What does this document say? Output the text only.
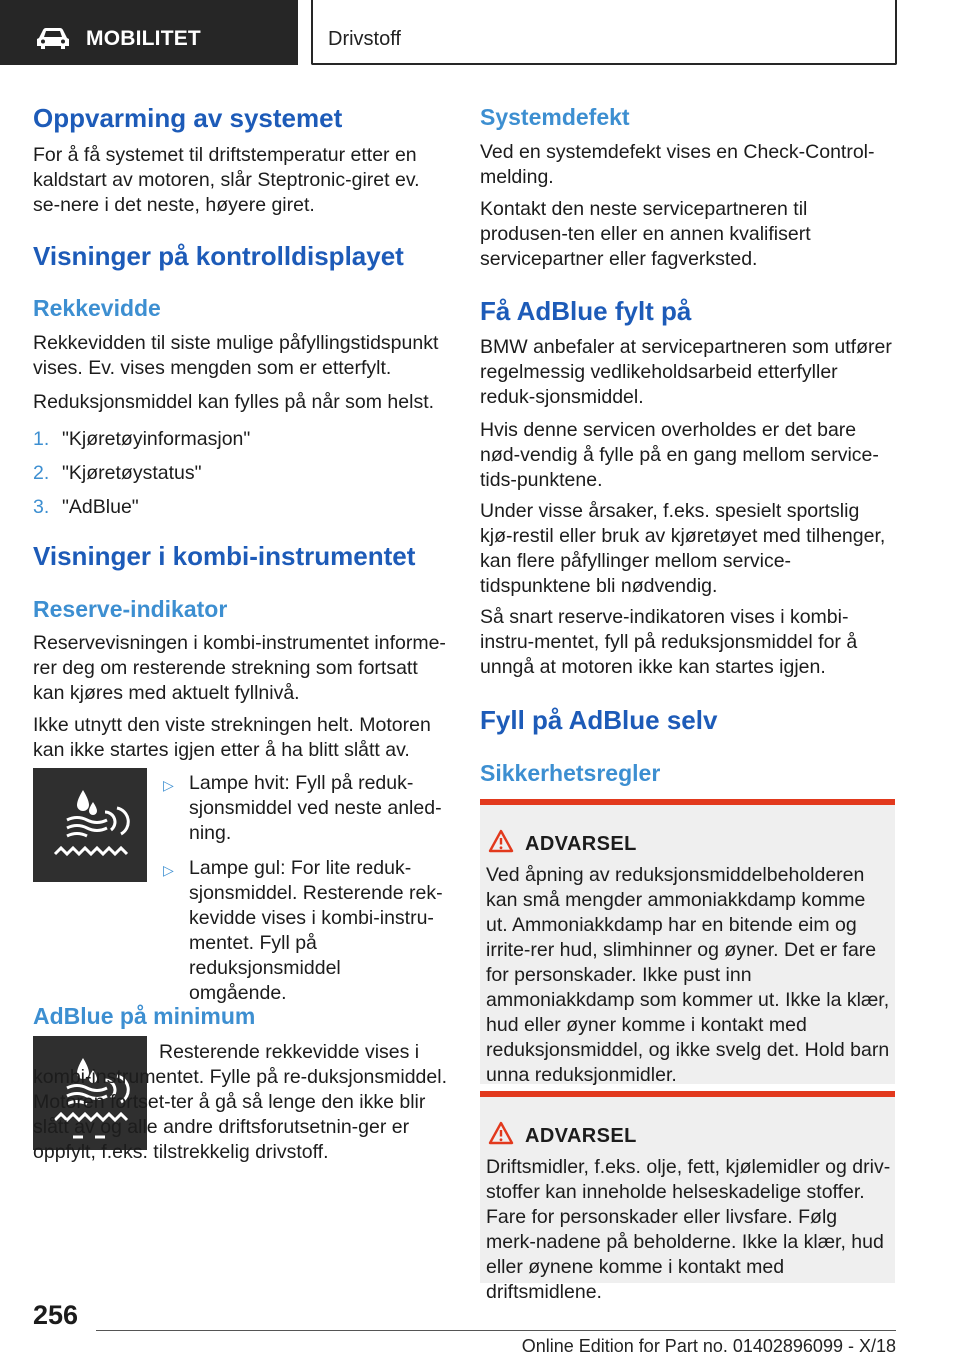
MOBILITET	Drivstoff
Oppvarming av systemet

For å få systemet til driftstemperatur etter en kaldstart av motoren, slår Steptronic-giret ev. se-nere i det neste, høyere giret.

Visninger på kontrolldisplayet
Rekkevidde

Rekkevidden til siste mulige påfyllingstidspunkt vises. Ev. vises mengden som er etterfylt.

Reduksjonsmiddel kan fylles på når som helst.

1. "Kjøretøyinformasjon"
2. "Kjøretøystatus"
3. "AdBlue"
Visninger i kombi-instrumentet
Reserve-indikator

Reservevisningen i kombi-instrumentet informe-rer deg om resterende strekning som fortsatt kan kjøres med aktuelt fyllnivå.

Ikke utnytt den viste strekningen helt. Motoren kan ikke startes igjen etter å ha blitt slått av.

▷ Lampe hvit: Fyll på reduk-sjonsmiddel ved neste anled-ning.
▷ Lampe gul: For lite reduk-sjonsmiddel. Resterende rek-kevidde vises i kombi-instru-mentet. Fyll på reduksjonsmiddel omgående.
AdBlue på minimum

Resterende rekkevidde vises i kombi-instrumentet. Fylle på re-duksjonsmiddel. Motoren fortset-ter å gå så lenge den ikke blir slått av og alle andre driftsforutsetnin-ger er oppfylt, f.eks. tilstrekkelig drivstoff.

Systemdefekt

Ved en systemdefekt vises en Check-Control-melding.

Kontakt den neste servicepartneren til produsen-ten eller en annen kvalifisert servicepartner eller fagverksted.

Få AdBlue fylt på

BMW anbefaler at servicepartneren som utfører regelmessig vedlikeholdsarbeid etterfyller reduk-sjonsmiddel.

Hvis denne servicen overholdes er det bare nød-vendig å fylle på en gang mellom service-tids-punktene.

Under visse årsaker, f.eks. spesielt sportslig kjø-restil eller bruk av kjøretøyet med tilhenger, kan flere påfyllinger mellom service-tidspunktene bli nødvendig.

Så snart reserve-indikatoren vises i kombi-instru-mentet, fyll på reduksjonsmiddel for å unngå at motoren ikke kan startes igjen.

Fyll på AdBlue selv
Sikkerhetsregler
ADVARSEL

Ved åpning av reduksjonsmiddelbeholderen kan små mengder ammoniakkdamp komme ut. Ammoniakkdamp har en bitende eim og irrite-rer hud, slimhinner og øyner. Det er fare for personskader. Ikke pust inn ammoniakkdamp som kommer ut. Ikke la klær, hud eller øyner komme i kontakt med reduksjonsmiddel, og ikke svelg det. Hold barn unna reduksjonmidler.

ADVARSEL

Driftsmidler, f.eks. olje, fett, kjølemidler og driv-stoffer kan inneholde helseskadelige stoffer. Fare for personskader eller livsfare. Følg merk-nadene på beholderne. Ikke la klær, hud eller øynene komme i kontakt med driftsmidlene.

256
Online Edition for Part no. 01402896099 - X/18
